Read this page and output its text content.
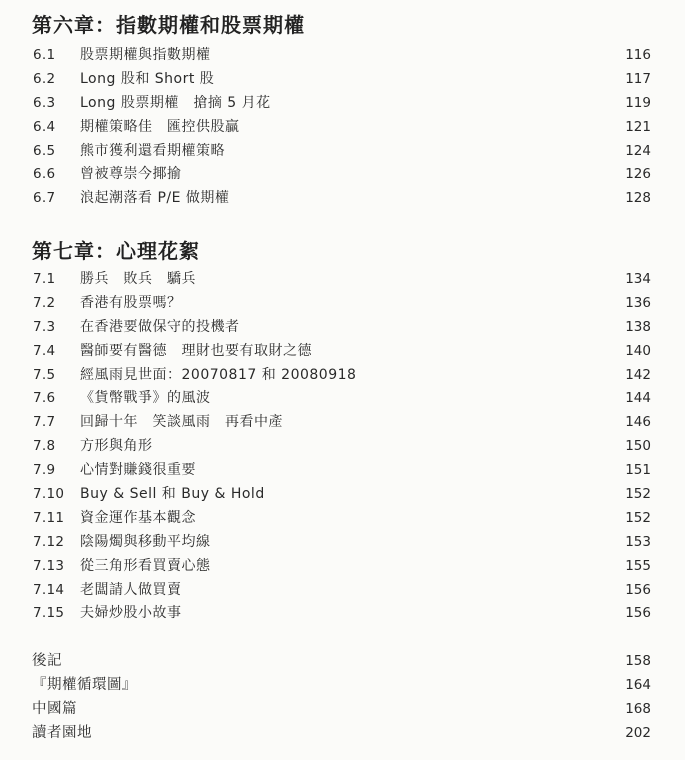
第六章：指數期權和股票期權
6.1 股票期權與指數期權	116
6.2 Long 股和 Short 股	117
6.3 Long 股票期權　搶摘 5 月花	119
6.4 期權策略佳　匯控供股贏	121
6.5 熊市獲利還看期權策略	124
6.6 曾被尊崇今揶揄	126
6.7 浪起潮落看 P/E 做期權	128
第七章：心理花絮
7.1 勝兵　敗兵　驕兵	134
7.2 香港有股票嗎？	136
7.3 在香港要做保守的投機者	138
7.4 醫師要有醫德　理財也要有取財之德	140
7.5 經風雨見世面：20070817 和 20080918	142
7.6 《貨幣戰爭》的風波	144
7.7 回歸十年　笑談風雨　再看中產	146
7.8 方形與角形	150
7.9 心情對賺錢很重要	151
7.10 Buy & Sell 和 Buy & Hold	152
7.11 資金運作基本觀念	152
7.12 陰陽燭與移動平均線	153
7.13 從三角形看買賣心態	155
7.14 老闆請人做買賣	156
7.15 夫婦炒股小故事	156
後記	158
『期權循環圖』	164
中國篇	168
讀者園地	202
